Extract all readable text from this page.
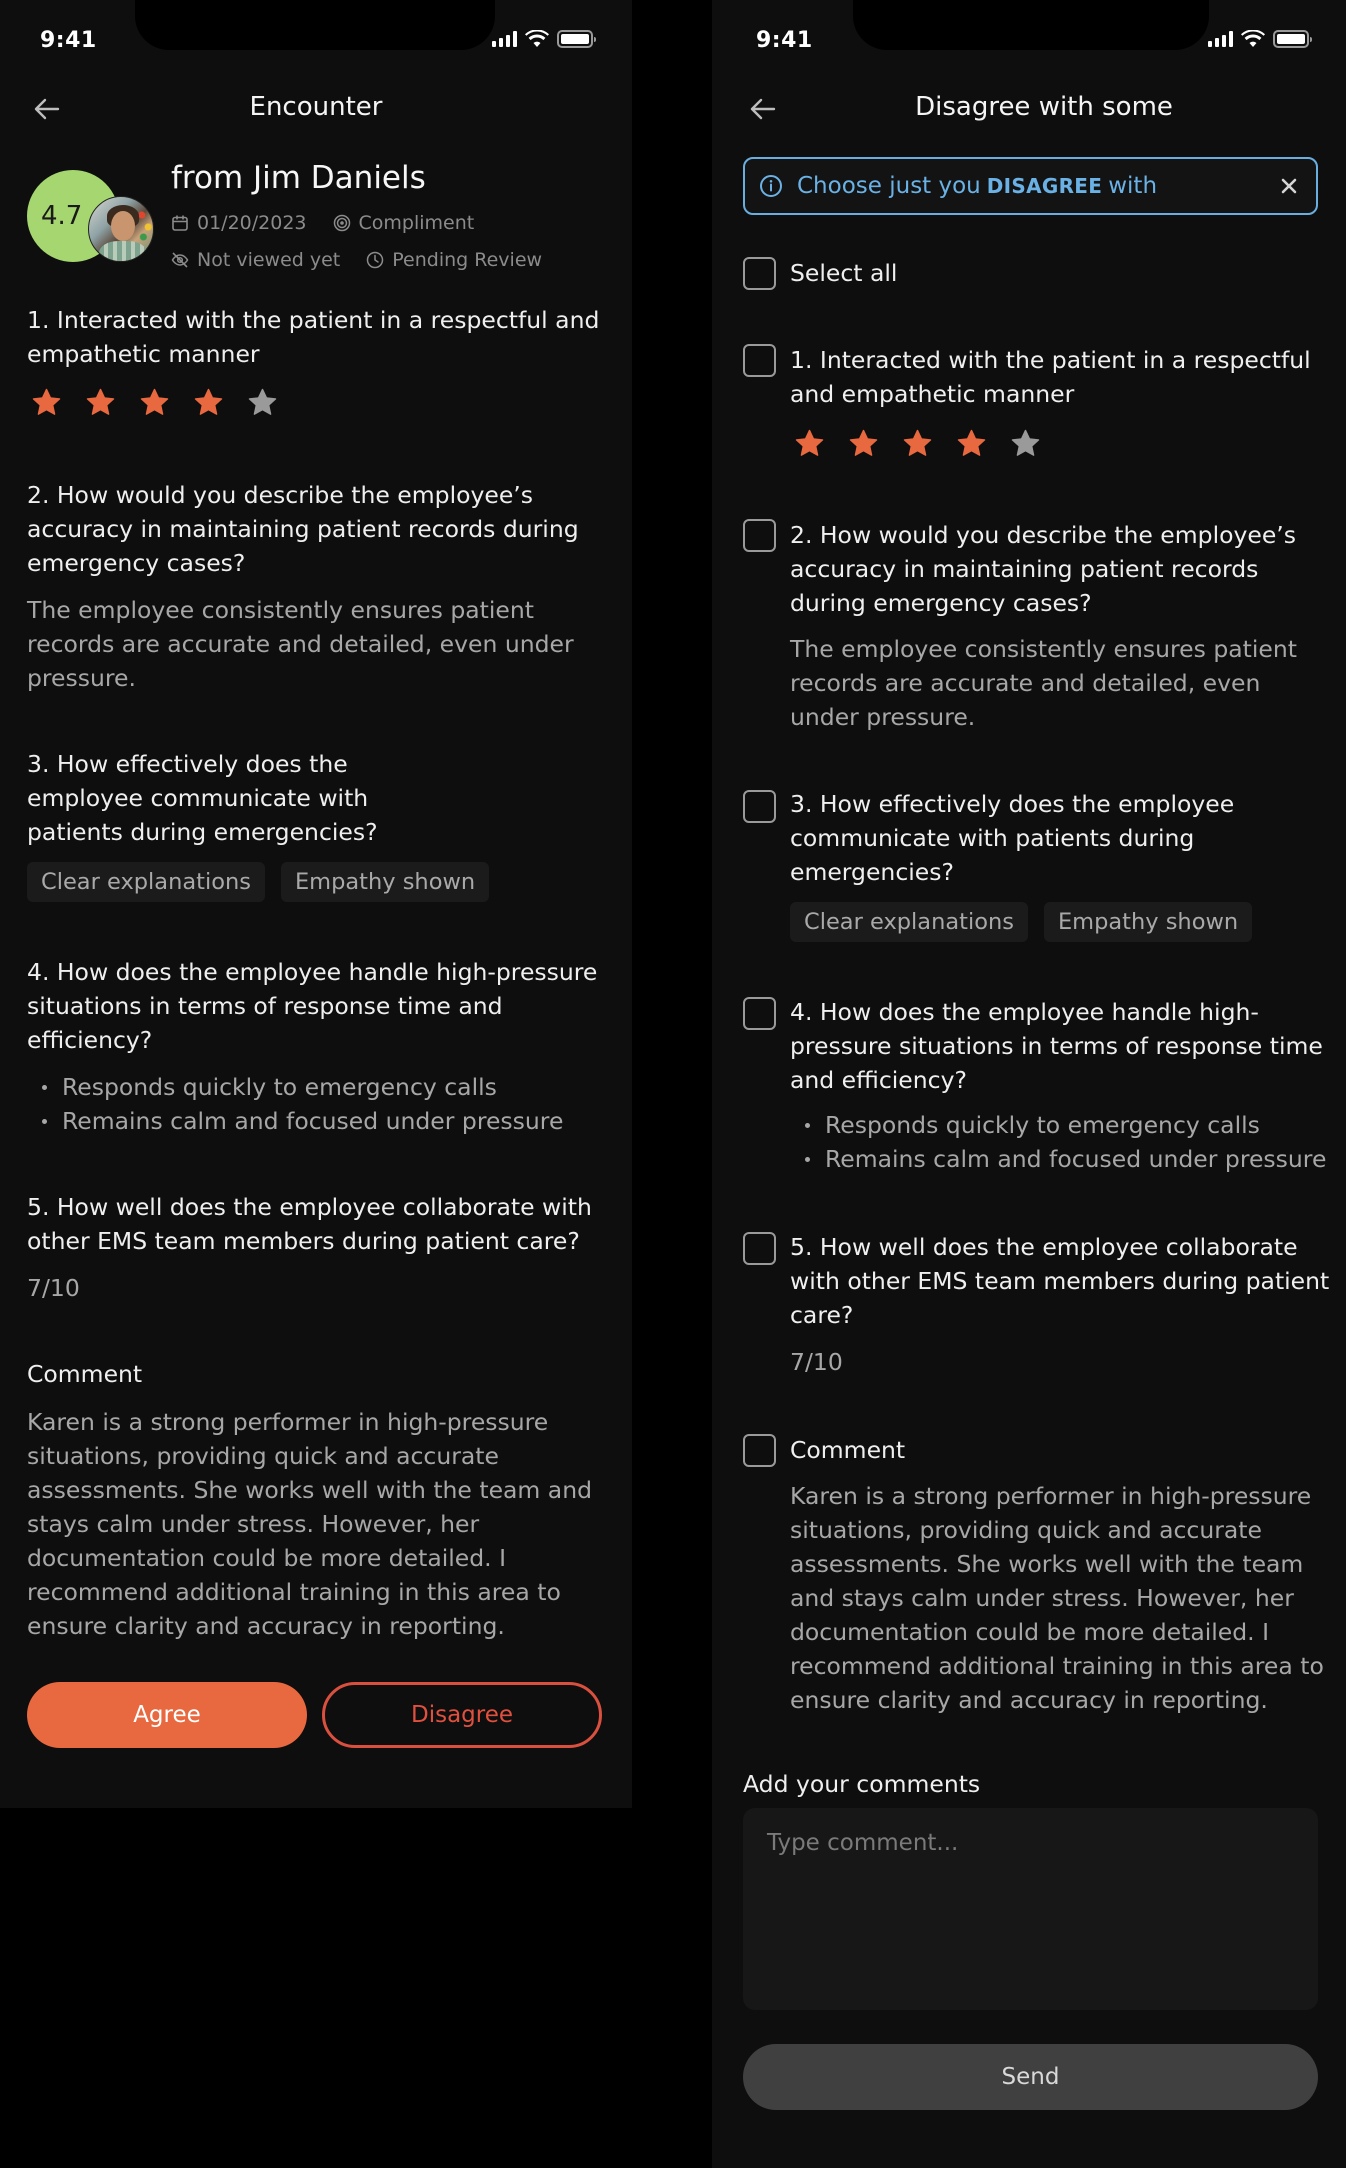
9:41
Encounter
4.7
from Jim Daniels
01/20/2023	Compliment
Not viewed yet	Pending Review
1. Interacted with the patient in a respectful and empathetic manner
2. How would you describe the employee’s accuracy in maintaining patient records during emergency cases?
The employee consistently ensures patient records are accurate and detailed, even under pressure.
3. How effectively does the employee communicate with patients during emergencies?
Clear explanations	Empathy shown
4. How does the employee handle high-pressure situations in terms of response time and efficiency?
Responds quickly to emergency calls
Remains calm and focused under pressure
5. How well does the employee collaborate with other EMS team members during patient care?
7/10
Comment
Karen is a strong performer in high-pressure situations, providing quick and accurate assessments. She works well with the team and stays calm under stress. However, her documentation could be more detailed. I recommend additional training in this area to ensure clarity and accuracy in reporting.
Agree	Disagree
9:41
Disagree with some
Choose just you DISAGREE with
Select all
1. Interacted with the patient in a respectful and empathetic manner
2. How would you describe the employee’s accuracy in maintaining patient records during emergency cases?
The employee consistently ensures patient records are accurate and detailed, even under pressure.
3. How effectively does the employee communicate with patients during emergencies?
Clear explanations	Empathy shown
4. How does the employee handle high-pressure situations in terms of response time and efficiency?
Responds quickly to emergency calls
Remains calm and focused under pressure
5. How well does the employee collaborate with other EMS team members during patient care?
7/10
Comment
Karen is a strong performer in high-pressure situations, providing quick and accurate assessments. She works well with the team and stays calm under stress. However, her documentation could be more detailed. I recommend additional training in this area to ensure clarity and accuracy in reporting.
Add your comments
Type comment...
Send
